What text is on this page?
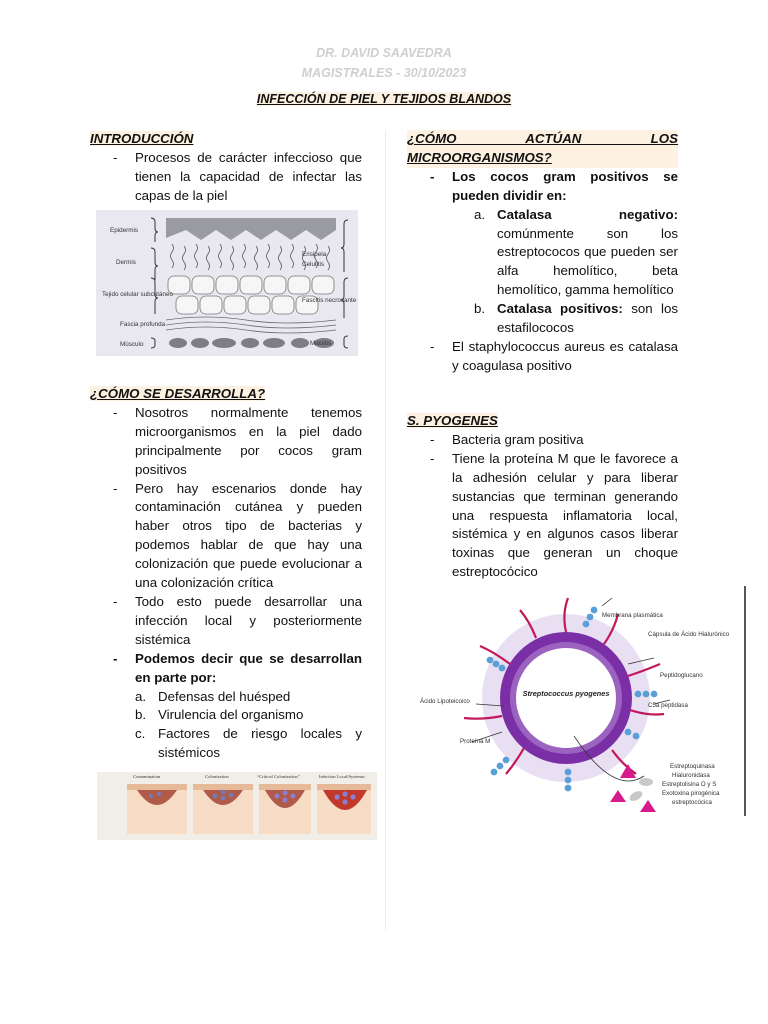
DR. DAVID SAAVEDRA
MAGISTRALES - 30/10/2023
INFECCIÓN DE PIEL Y TEJIDOS BLANDOS
INTRODUCCIÓN
- Procesos de carácter infeccioso que tienen la capacidad de infectar las capas de la piel
Epidermis
Dermis
Tejido celular subcutáneo
Fascia profunda
Músculo
Erisipela
Celulitis
Fascitis necrosante
Miositis
¿CÓMO SE DESARROLLA?
- Nosotros normalmente tenemos microorganismos en la piel dado principalmente por cocos gram positivos
- Pero hay escenarios donde hay contaminación cutánea y pueden haber otros tipo de bacterias y podemos hablar de que hay una colonización que puede evolucionar a una colonización crítica
- Todo esto puede desarrollar una infección local y posteriormente sistémica
- Podemos decir que se desarrollan en parte por:
a. Defensas del huésped
b. Virulencia del organismo
c. Factores de riesgo locales y sistémicos
Contamination	Colonization	“Critical Colonization”	Infection Local/Systemic
¿CÓMO ACTÚAN LOS MICROORGANISMOS?
- Los cocos gram positivos se pueden dividir en:
a. Catalasa negativo: comúnmente son los estreptococos que pueden ser alfa hemolítico, beta hemolítico, gamma hemolítico
b. Catalasa positivos: son los estafilococos
- El staphylococcus aureus es catalasa y coagulasa positivo
S. PYOGENES
- Bacteria gram positiva
- Tiene la proteína M que le favorece a la adhesión celular y para liberar sustancias que terminan generando una respuesta inflamatoria local, sistémica y en algunos casos liberar toxinas que generan un choque estreptocócico
Streptococcus pyogenes
Membrana plasmática
Cápsula de Ácido Hialurónico
Peptidoglucano
Ácido Lipoteicoico
C5a peptidasa
Proteína M
Estreptoquinasa
Hialuronidasa
Estreptolisina O y S
Exotoxina pirogénica
estreptocócica
